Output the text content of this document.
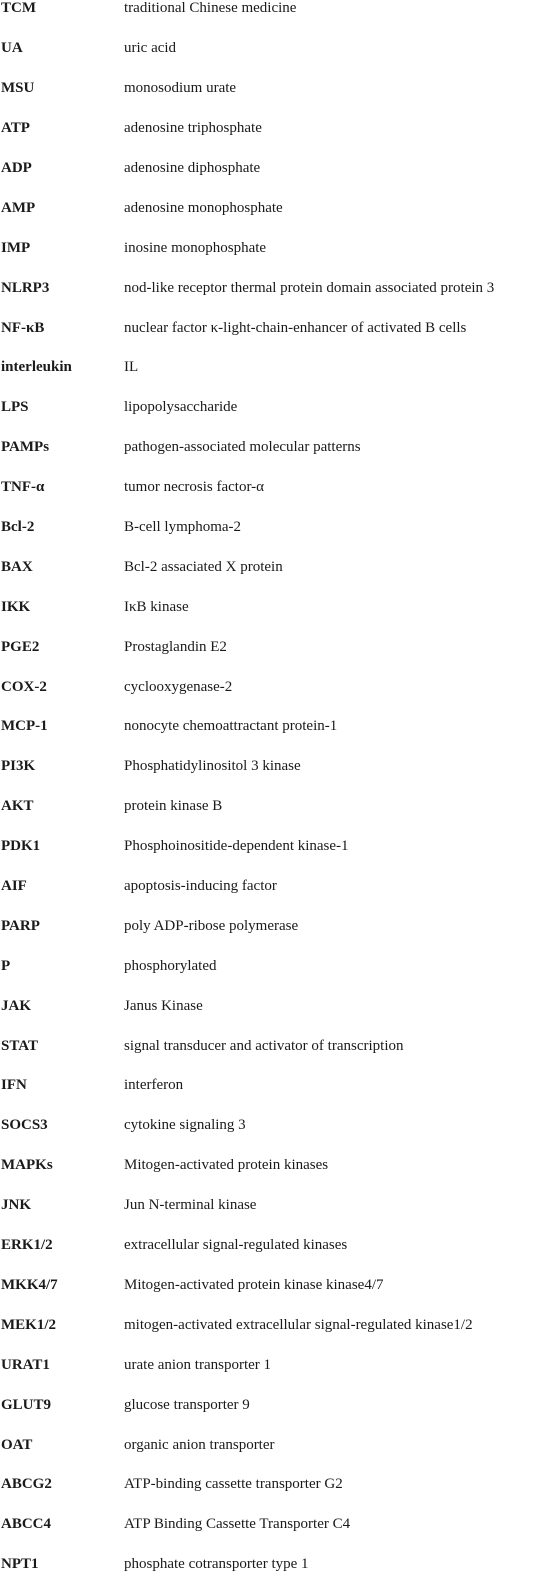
TCM	traditional Chinese medicine
UA	uric acid
MSU	monosodium urate
ATP	adenosine triphosphate
ADP	adenosine diphosphate
AMP	adenosine monophosphate
IMP	inosine monophosphate
NLRP3	nod-like receptor thermal protein domain associated protein 3
NF-κB	nuclear factor κ-light-chain-enhancer of activated B cells
interleukin	IL
LPS	lipopolysaccharide
PAMPs	pathogen-associated molecular patterns
TNF-α	tumor necrosis factor-α
Bcl-2	B-cell lymphoma-2
BAX	Bcl-2 assaciated X protein
IKK	IκB kinase
PGE2	Prostaglandin E2
COX-2	cyclooxygenase-2
MCP-1	nonocyte chemoattractant protein-1
PI3K	Phosphatidylinositol 3 kinase
AKT	protein kinase B
PDK1	Phosphoinositide-dependent kinase-1
AIF	apoptosis-inducing factor
PARP	poly ADP-ribose polymerase
P	phosphorylated
JAK	Janus Kinase
STAT	signal transducer and activator of transcription
IFN	interferon
SOCS3	cytokine signaling 3
MAPKs	Mitogen-activated protein kinases
JNK	Jun N-terminal kinase
ERK1/2	extracellular signal-regulated kinases
MKK4/7	Mitogen-activated protein kinase kinase4/7
MEK1/2	mitogen-activated extracellular signal-regulated kinase1/2
URAT1	urate anion transporter 1
GLUT9	glucose transporter 9
OAT	organic anion transporter
ABCG2	ATP-binding cassette transporter G2
ABCC4	ATP Binding Cassette Transporter C4
NPT1	phosphate cotransporter type 1
